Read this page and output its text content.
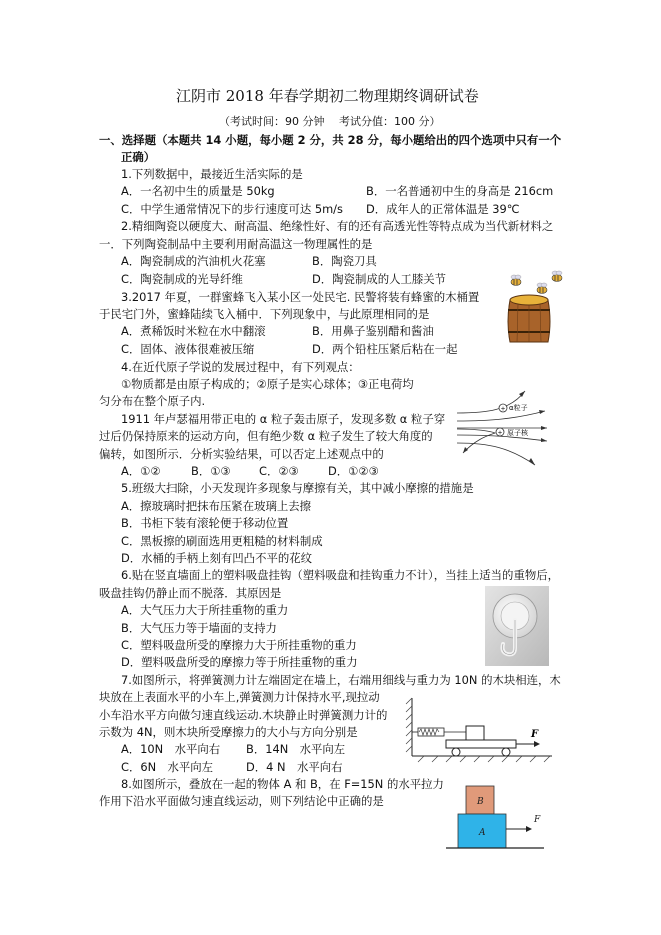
江阴市 2018 年春学期初二物理期终调研试卷
（考试时间：90 分钟　 考试分值：100 分）
一、选择题（本题共 14 小题，每小题 2 分，共 28 分，每小题给出的四个选项中只有一个
正确）
1.下列数据中，最接近生活实际的是
A．一名初中生的质量是 50kg	B．一名普通初中生的身高是 216cm
C．中学生通常情况下的步行速度可达 5m/s D．成年人的正常体温是 39℃
2.精细陶瓷以硬度大、耐高温、绝缘性好、有的还有高透光性等特点成为当代新材料之
一．下列陶瓷制品中主要利用耐高温这一物理属性的是
A．陶瓷制成的汽油机火花塞	B．陶瓷刀具
C．陶瓷制成的光导纤维	D．陶瓷制成的人工膝关节
3.2017 年夏，一群蜜蜂飞入某小区一处民宅. 民警将装有蜂蜜的木桶置
于民宅门外，蜜蜂陆续飞入桶中．下列现象中，与此原理相同的是
A．煮稀饭时米粒在水中翻滚	B．用鼻子鉴别醋和酱油
C．固体、液体很难被压缩	D．两个铅柱压紧后粘在一起
4.在近代原子学说的发展过程中，有下列观点：
①物质都是由原子构成的；②原子是实心球体；③正电荷均
匀分布在整个原子内.
1911 年卢瑟福用带正电的 α 粒子轰击原子，发现多数 α 粒子穿
过后仍保持原来的运动方向，但有绝少数 α 粒子发生了较大角度的
偏转，如图所示．分析实验结果，可以否定上述观点中的
A．①②	B．①③ C．②③	D．①②③
+
+
α粒子
原子核
5.班级大扫除，小天发现许多现象与摩擦有关，其中减小摩擦的措施是
A．擦玻璃时把抹布压紧在玻璃上去擦
B．书柜下装有滚轮便于移动位置
C．黑板擦的刷面选用更粗糙的材料制成
D．水桶的手柄上刻有凹凸不平的花纹
6.贴在竖直墙面上的塑料吸盘挂钩（塑料吸盘和挂钩重力不计），当挂上适当的重物后，
吸盘挂钩仍静止而不脱落．其原因是
A．大气压力大于所挂重物的重力
B．大气压力等于墙面的支持力
C．塑料吸盘所受的摩擦力大于所挂重物的重力
D．塑料吸盘所受的摩擦力等于所挂重物的重力
7.如图所示，将弹簧测力计左端固定在墙上，右端用细线与重力为 10N 的木块相连，木
块放在上表面水平的小车上,弹簧测力计保持水平,现拉动
小车沿水平方向做匀速直线运动.木块静止时弹簧测力计的
示数为 4N，则木块所受摩擦力的大小与方向分别是
A．10N　水平向右 B．14N　水平向左
C．6N　水平向左	D．4 N　水平向右
F
8.如图所示，叠放在一起的物体 A 和 B，在 F=15N 的水平拉力
作用下沿水平面做匀速直线运动，则下列结论中正确的是	B
A
F
